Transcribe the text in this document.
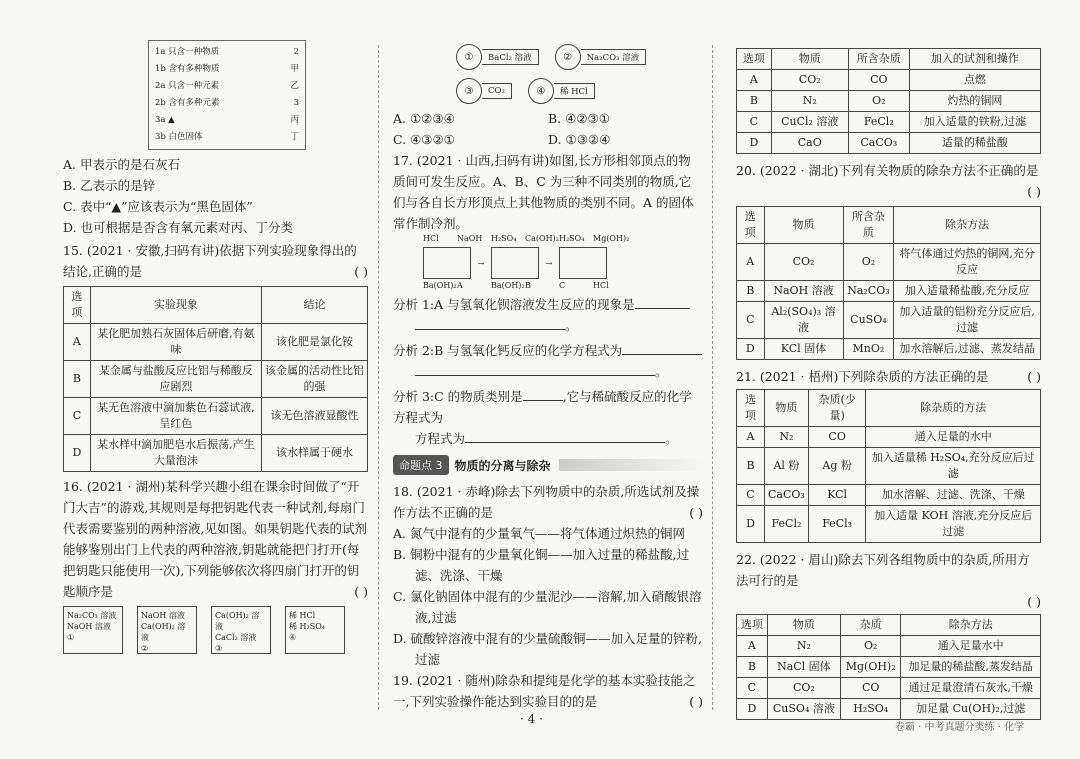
1a 只含一种物质	2
1b 含有多种物质	甲
2a 只含一种元素	乙
2b 含有多种元素	3
3a ▲	丙
3b 白色固体	丁
A. 甲表示的是石灰石
B. 乙表示的是锌
C. 表中“▲”应该表示为“黑色固体”
D. 也可根据是否含有氧元素对丙、丁分类
15. (2021 · 安徽,扫码有讲)依据下列实验现象得出的结论,正确的是	( )
选项	实验现象	结论
A	某化肥加熟石灰固体后研磨,有氨味	该化肥是氯化铵
B	某金属与盐酸反应比铝与稀酸反应剧烈	该金属的活动性比铝的强
C	某无色溶液中滴加紫色石蕊试液,呈红色	该无色溶液显酸性
D	某水样中滴加肥皂水后振荡,产生大量泡沫	该水样属于硬水
16. (2021 · 湖州)某科学兴趣小组在课余时间做了“开门大吉”的游戏,其规则是每把钥匙代表一种试剂,每扇门代表需要鉴别的两种溶液,见如图。如果钥匙代表的试剂能够鉴别出门上代表的两种溶液,钥匙就能把门打开(每把钥匙只能使用一次),下列能够依次将四扇门打开的钥匙顺序是	( )
Na₂CO₃ 溶液
NaOH 溶液
①
NaOH 溶液
Ca(OH)₂ 溶液
②
Ca(OH)₂ 溶液
CaCl₂ 溶液
③
稀 HCl
稀 H₂SO₄
④
①	BaCl₂ 溶液	②	Na₂CO₃ 溶液
③	CO₂	④	稀 HCl
A. ①②③④	B. ④②③①
C. ④③②①	D. ①③②④
17. (2021 · 山西,扫码有讲)如图,长方形相邻顶点的物质间可发生反应。A、B、C 为三种不同类别的物质,它们与各自长方形顶点上其他物质的类别不同。A 的固体常作制冷剂。
HCl	NaOH	H₂SO₄	Ca(OH)₂ H₂SO₄	Mg(OH)₂
→	→
Ba(OH)₂ A	Ba(OH)₂ B	C	HCl
分析 1:A 与氢氧化钡溶液发生反应的现象是
。
分析 2:B 与氢氧化钙反应的化学方程式为
。
分析 3:C 的物质类别是	,它与稀硫酸反应的化学方程式为
方程式为	。
命题点 3	物质的分离与除杂
18. (2021 · 赤峰)除去下列物质中的杂质,所选试剂及操作方法不正确的是	( )
A. 氮气中混有的少量氧气——将气体通过炽热的铜网
B. 铜粉中混有的少量氧化铜——加入过量的稀盐酸,过滤、洗涤、干燥
C. 氯化钠固体中混有的少量泥沙——溶解,加入硝酸银溶液,过滤
D. 硫酸锌溶液中混有的少量硫酸铜——加入足量的锌粉,过滤
19. (2021 · 随州)除杂和提纯是化学的基本实验技能之一,下列实验操作能达到实验目的的是	( )
选项	物质	所含杂质	加入的试剂和操作
A	CO₂	CO	点燃
B	N₂	O₂	灼热的铜网
C	CuCl₂ 溶液	FeCl₂	加入适量的铁粉,过滤
D	CaO	CaCO₃	适量的稀盐酸
20. (2022 · 湖北)下列有关物质的除杂方法不正确的是
( )
选项	物质	所含杂质	除杂方法
A	CO₂	O₂	将气体通过灼热的铜网,充分反应
B	NaOH 溶液	Na₂CO₃	加入适量稀盐酸,充分反应
C	Al₂(SO₄)₃ 溶液	CuSO₄	加入适量的铝粉充分反应后,过滤
D	KCl 固体	MnO₂	加水溶解后,过滤、蒸发结晶
21. (2021 · 梧州)下列除杂质的方法正确的是	( )
选项	物质	杂质(少量)	除杂质的方法
A	N₂	CO	通入足量的水中
B	Al 粉	Ag 粉	加入适量稀 H₂SO₄,充分反应后过滤
C	CaCO₃	KCl	加水溶解、过滤、洗涤、干燥
D	FeCl₂	FeCl₃	加入适量 KOH 溶液,充分反应后过滤
22. (2022 · 眉山)除去下列各组物质中的杂质,所用方法可行的是
( )
选项	物质	杂质	除杂方法
A	N₂	O₂	通入足量水中
B	NaCl 固体	Mg(OH)₂	加足量的稀盐酸,蒸发结晶
C	CO₂	CO	通过足量澄清石灰水,干燥
D	CuSO₄ 溶液	H₂SO₄	加足量 Cu(OH)₂,过滤
· 4 ·
卷霸 · 中考真题分类练 · 化学
